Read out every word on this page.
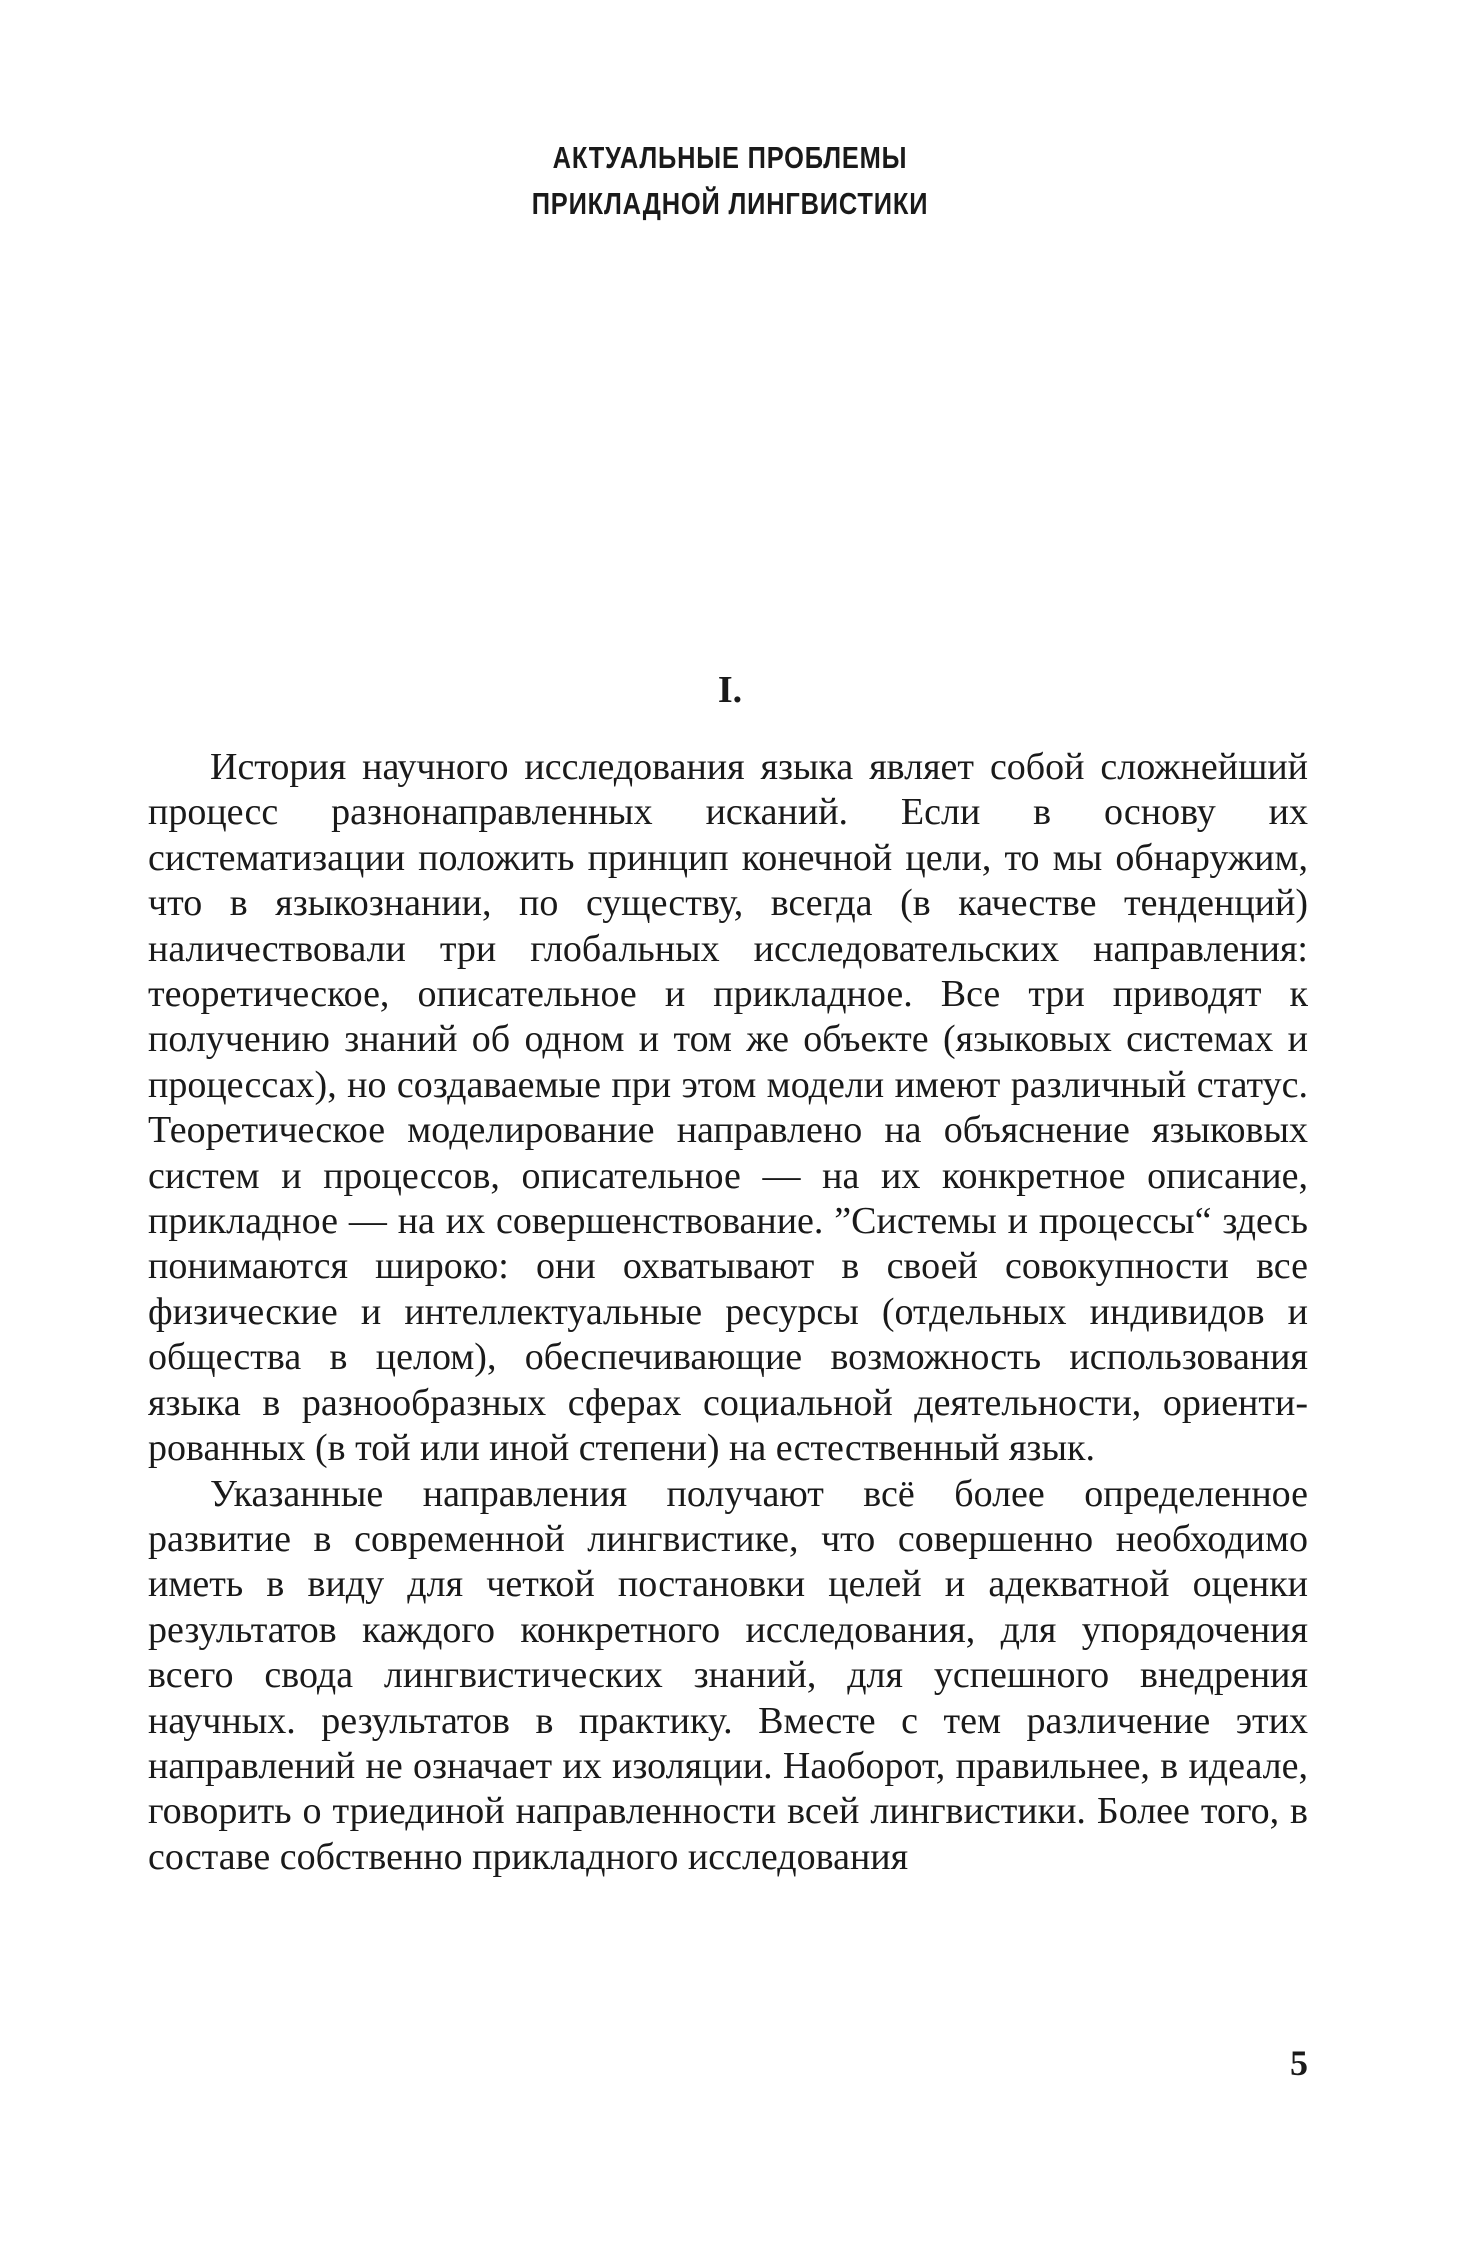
АКТУАЛЬНЫЕ ПРОБЛЕМЫ
ПРИКЛАДНОЙ ЛИНГВИСТИКИ
I.

История научного исследования языка являет собой сложнейший процесс разнонаправленных исканий. Если в основу их систематизации положить принцип конечной цели, то мы обнаружим, что в языкознании, по существу, всегда (в качестве тенденций) наличествовали три глобальных исследовательских направления: теоретическое, описательное и прикладное. Все три приводят к получению знаний об одном и том же объекте (языковых системах и процессах), но создаваемые при этом модели имеют различный статус. Теоретическое моделирование направлено на объяснение языковых систем и процессов, описательное — на их конкретное описание, прикладное — на их совершенствование. ”Системы и процессы“ здесь понимаются широко: они охватывают в своей совокупности все физические и интеллектуальные ресурсы (отдельных индивидов и общества в целом), обеспечивающие возможность использования языка в разнообразных сферах социальной деятельности, ориентированных (в той или иной степени) на естественный язык.

Указанные направления получают всё более определенное развитие в современной лингвистике, что совершенно необходимо иметь в виду для четкой постановки целей и адекватной оценки результатов каждого конкретного исследования, для упорядочения всего свода лингвистических знаний, для успешного внедрения научных. результатов в практику. Вместе с тем различение этих направлений не означает их изоляции. Наоборот, правильнее, в идеале, говорить о триединой направленности всей лингвистики. Более того, в составе собственно прикладного исследования

5
